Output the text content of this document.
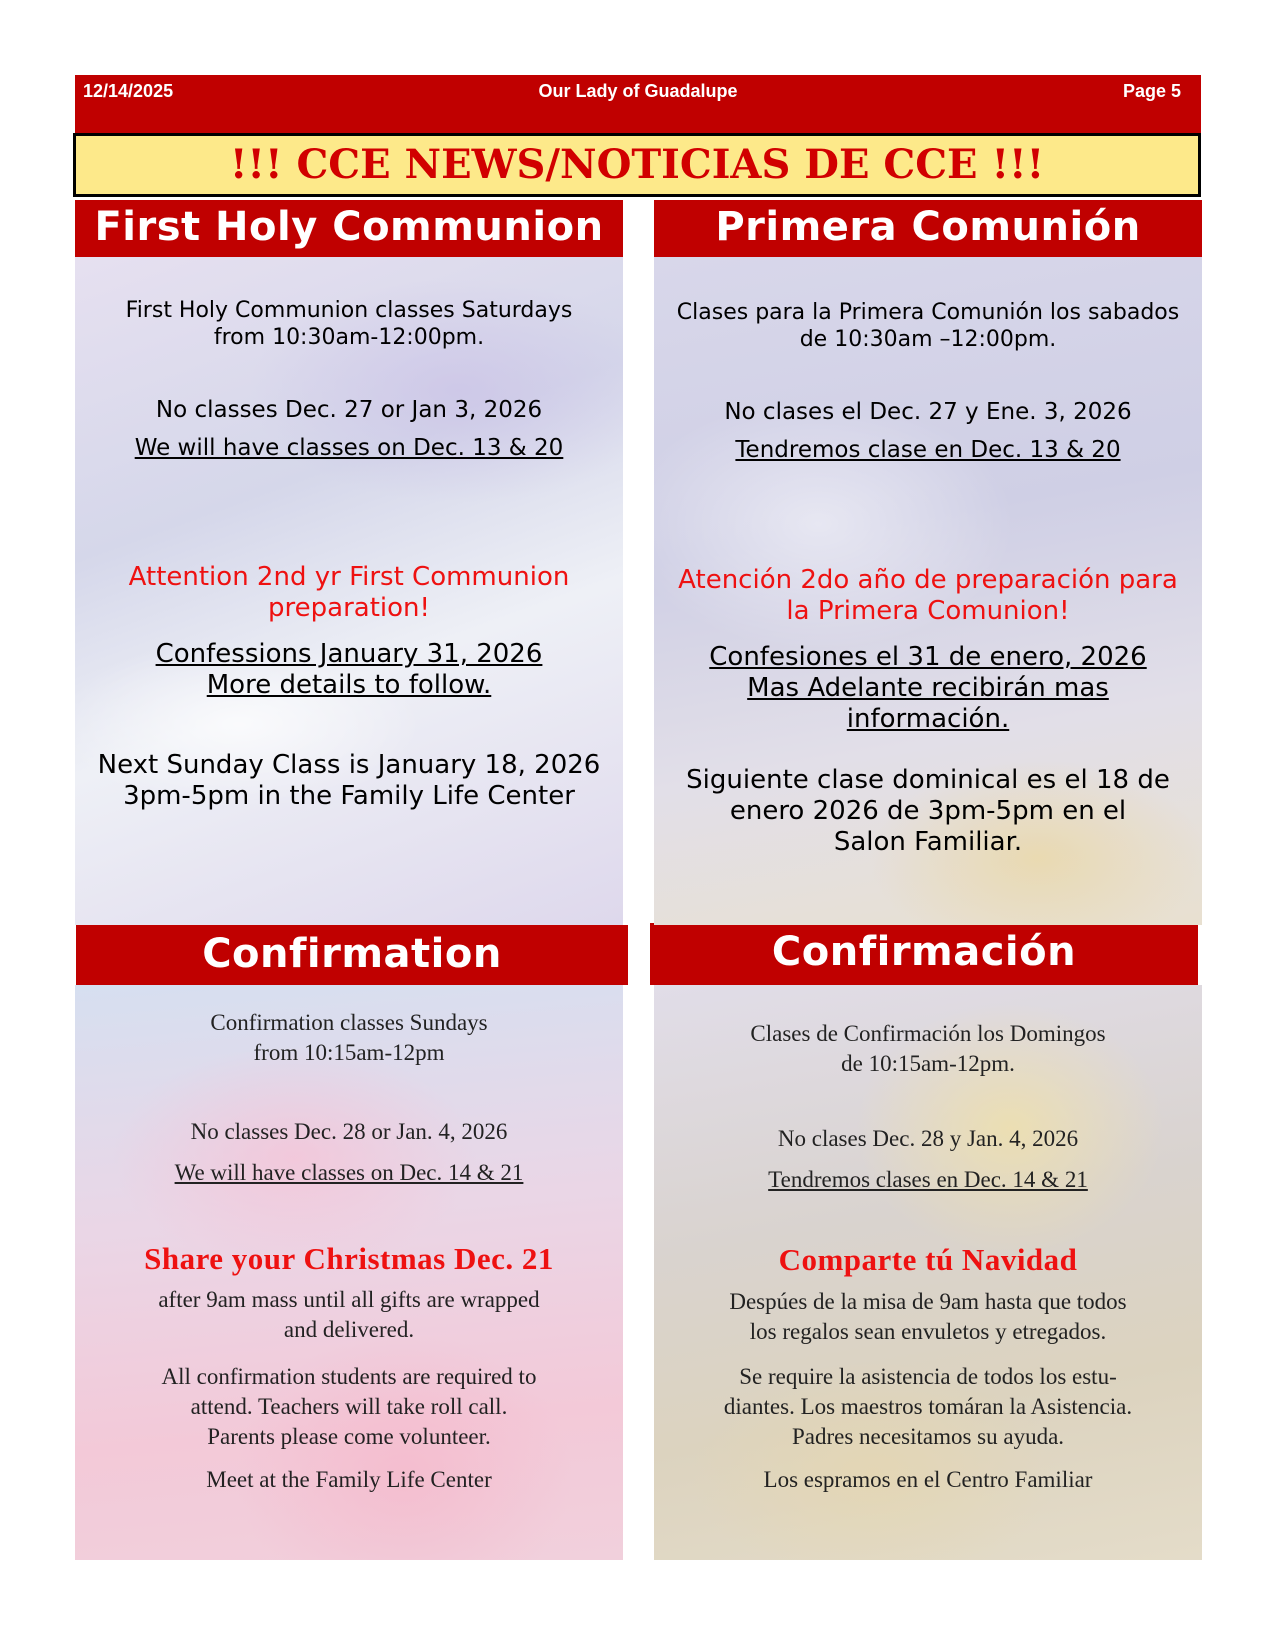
12/14/2025	Our Lady of Guadalupe	Page 5
!!! CCE NEWS/NOTICIAS DE CCE !!!
First Holy Communion	Primera Comunión
Confirmation	Confirmación

First Holy Communion classes Saturdays
from 10:30am-12:00pm.

No classes Dec. 27 or Jan 3, 2026

We will have classes on Dec. 13 & 20

Attention 2nd yr First Communion
preparation!

Confessions January 31, 2026
More details to follow.

Next Sunday Class is January 18, 2026
3pm-5pm in the Family Life Center

Clases para la Primera Comunión los sabados
de 10:30am –12:00pm.

No clases el Dec. 27 y Ene. 3, 2026

Tendremos clase en Dec. 13 & 20

Atención 2do año de preparación para
la Primera Comunion!

Confesiones el 31 de enero, 2026
Mas Adelante recibirán mas
información.

Siguiente clase dominical es el 18 de
enero 2026 de 3pm-5pm en el
Salon Familiar.

Confirmation classes Sundays
from 10:15am-12pm

No classes Dec. 28 or Jan. 4, 2026

We will have classes on Dec. 14 & 21

Share your Christmas Dec. 21

after 9am mass until all gifts are wrapped
and delivered.

All confirmation students are required to
attend. Teachers will take roll call.
Parents please come volunteer.

Meet at the Family Life Center

Clases de Confirmación los Domingos
de 10:15am-12pm.

No clases Dec. 28 y Jan. 4, 2026

Tendremos clases en Dec. 14 & 21

Comparte tú Navidad

Despúes de la misa de 9am hasta que todos
los regalos sean envuletos y etregados.

Se require la asistencia de todos los estu-
diantes. Los maestros tomáran la Asistencia.
Padres necesitamos su ayuda.

Los espramos en el Centro Familiar
